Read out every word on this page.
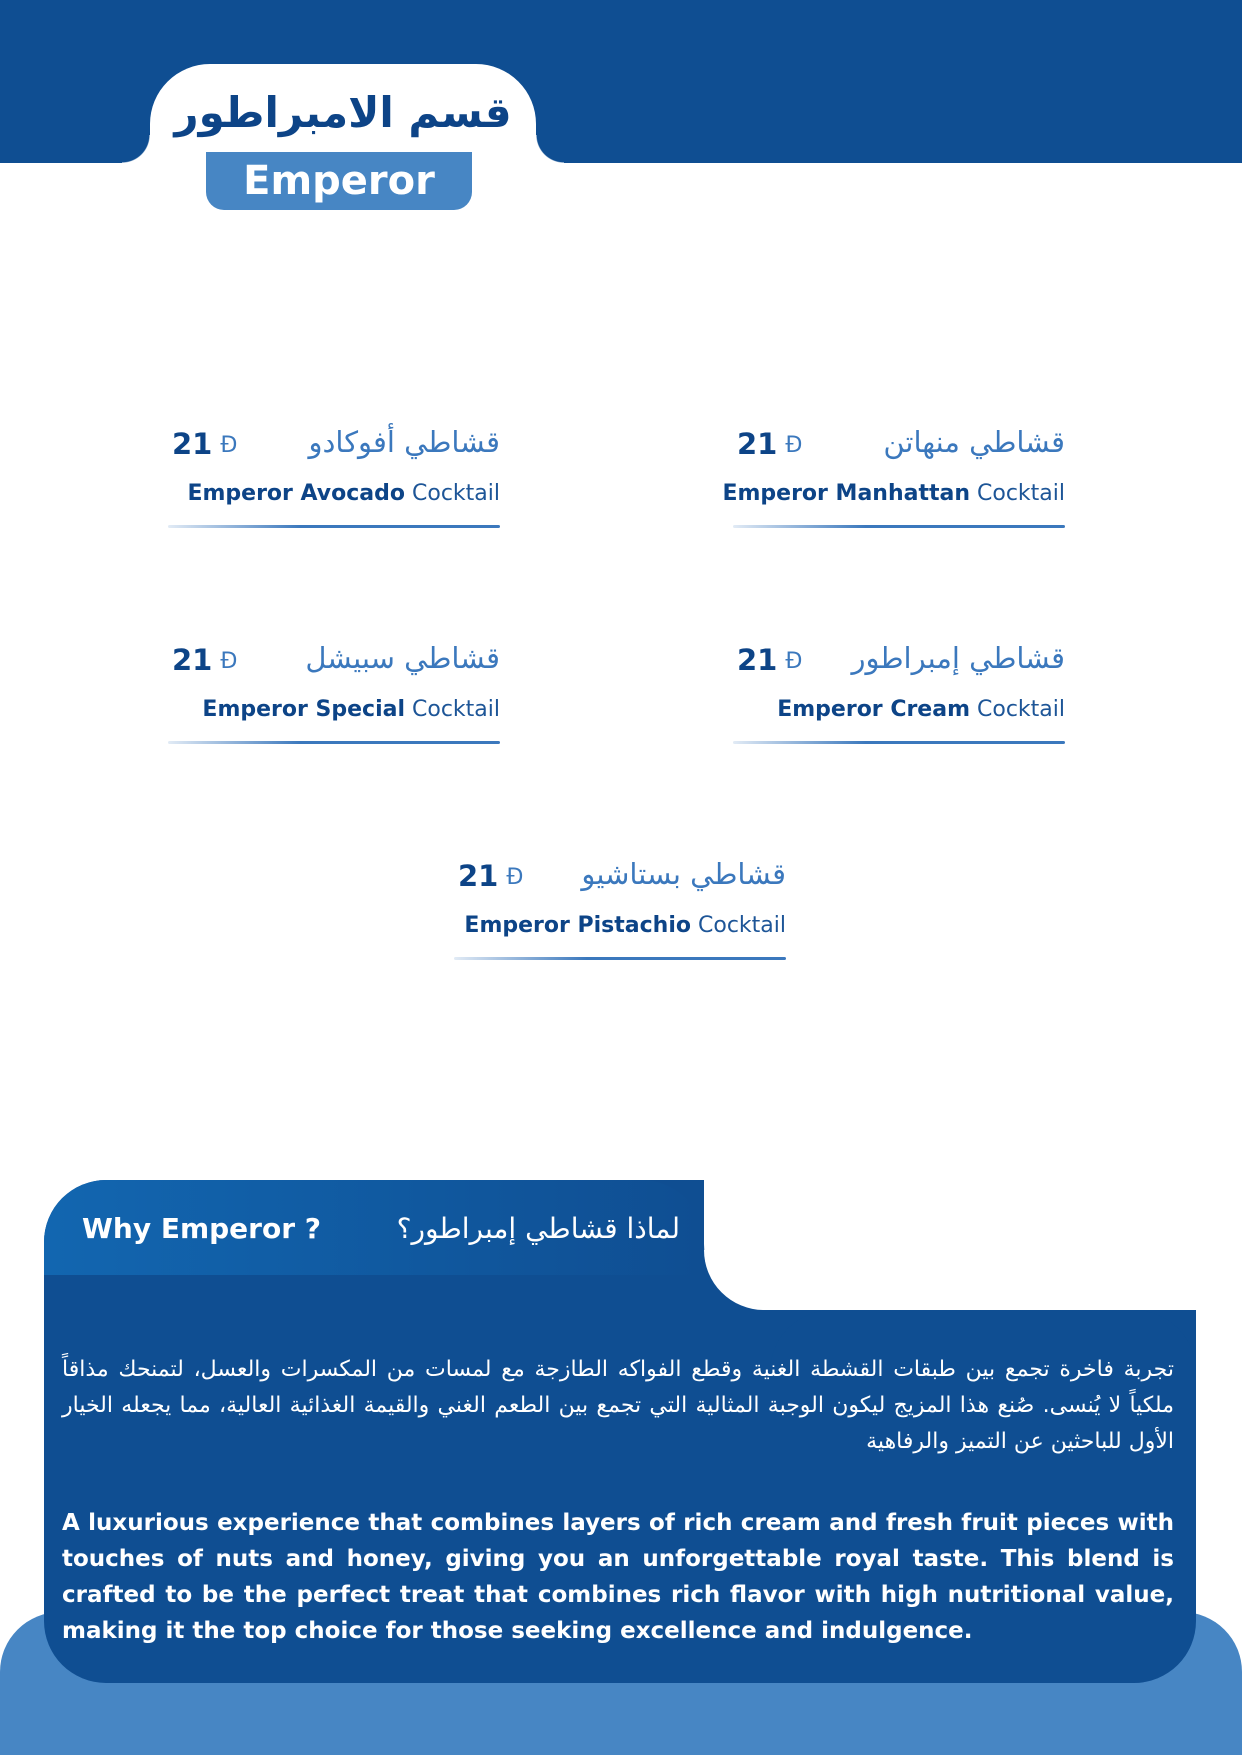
قسم الامبراطور
Emperor
قشاطي منهاتن
21 Đ
Emperor Manhattan Cocktail
قشاطي أفوكادو
21 Đ
Emperor Avocado Cocktail
قشاطي إمبراطور
21 Đ
Emperor Cream Cocktail
قشاطي سبيشل
21 Đ
Emperor Special Cocktail
قشاطي بستاشيو
21 Đ
Emperor Pistachio Cocktail
Why Emperor ?	لماذا قشاطي إمبراطور؟

تجربة فاخرة تجمع بين طبقات القشطة الغنية وقطع الفواكه الطازجة مع لمسات من المكسرات والعسل، لتمنحك مذاقاً ملكياً لا يُنسى. صُنع هذا المزيج ليكون الوجبة المثالية التي تجمع بين الطعم الغني والقيمة الغذائية العالية، مما يجعله الخيار الأول للباحثين عن التميز والرفاهية

A luxurious experience that combines layers of rich cream and fresh fruit pieces with touches of nuts and honey, giving you an unforgettable royal taste. This blend is crafted to be the perfect treat that combines rich flavor with high nutritional value, making it the top choice for those seeking excellence and indulgence.
